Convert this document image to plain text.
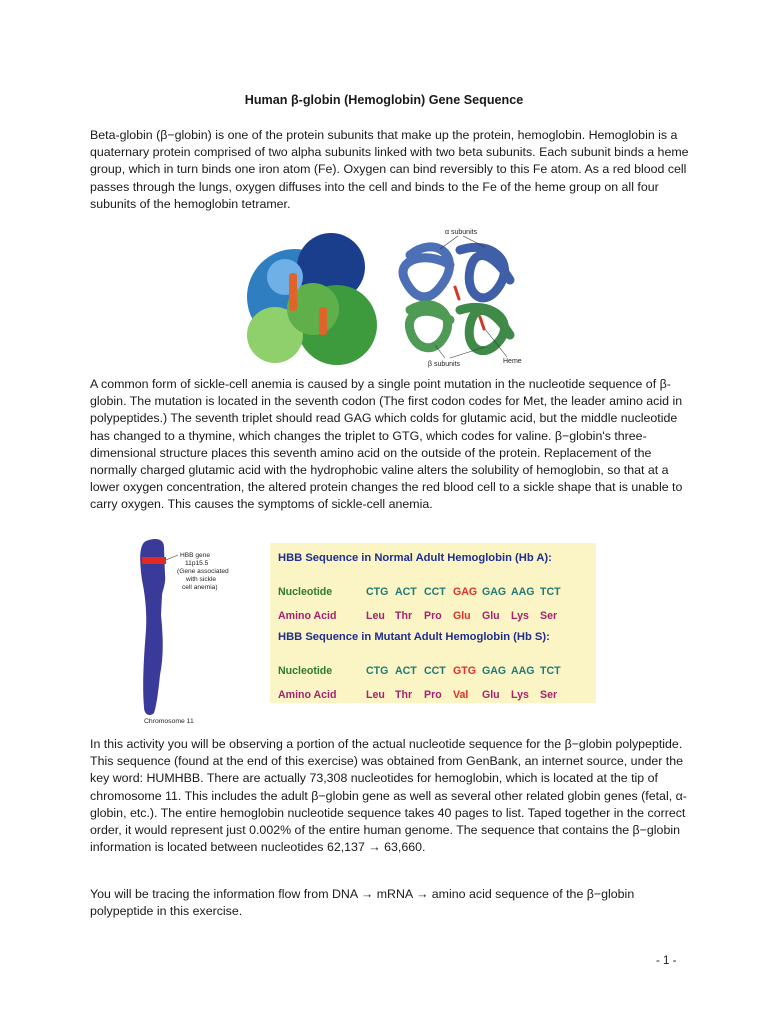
Human β-globin (Hemoglobin) Gene Sequence

Beta-globin (β−globin) is one of the protein subunits that make up the protein, hemoglobin. Hemoglobin is a quaternary protein comprised of two alpha subunits linked with two beta subunits. Each subunit binds a heme group, which in turn binds one iron atom (Fe). Oxygen can bind reversibly to this Fe atom. As a red blood cell passes through the lungs, oxygen diffuses into the cell and binds to the Fe of the heme group on all four subunits of the hemoglobin tetramer.

α subunits
β subunits	Heme

A common form of sickle-cell anemia is caused by a single point mutation in the nucleotide sequence of β-globin. The mutation is located in the seventh codon (The first codon codes for Met, the leader amino acid in polypeptides.) The seventh triplet should read GAG which colds for glutamic acid, but the middle nucleotide has changed to a thymine, which changes the triplet to GTG, which codes for valine. β−globin's three-dimensional structure places this seventh amino acid on the outside of the protein. Replacement of the normally charged glutamic acid with the hydrophobic valine alters the solubility of hemoglobin, so that at a lower oxygen concentration, the altered protein changes the red blood cell to a sickle shape that is unable to carry oxygen. This causes the symptoms of sickle-cell anemia.

HBB gene
11p15.5
(Gene associated
with sickle
cell anemia)
Chromosome 11
HBB Sequence in Normal Adult Hemoglobin (Hb A):
Nucleotide	CTG ACT CCT GAG GAG AAG TCT
Amino Acid	Leu Thr	Pro	Glu	Glu	Lys	Ser
HBB Sequence in Mutant Adult Hemoglobin (Hb S):
Nucleotide	CTG ACT CCT GTG GAG AAG TCT
Amino Acid	Leu Thr	Pro	Val	Glu	Lys	Ser

In this activity you will be observing a portion of the actual nucleotide sequence for the β−globin polypeptide. This sequence (found at the end of this exercise) was obtained from GenBank, an internet source, under the key word: HUMHBB. There are actually 73,308 nucleotides for hemoglobin, which is located at the tip of chromosome 11. This includes the adult β−globin gene as well as several other related globin genes (fetal, α-globin, etc.). The entire hemoglobin nucleotide sequence takes 40 pages to list. Taped together in the correct order, it would represent just 0.002% of the entire human genome. The sequence that contains the β−globin information is located between nucleotides 62,137 → 63,660.

You will be tracing the information flow from DNA → mRNA → amino acid sequence of the β−globin polypeptide in this exercise.

- 1 -
